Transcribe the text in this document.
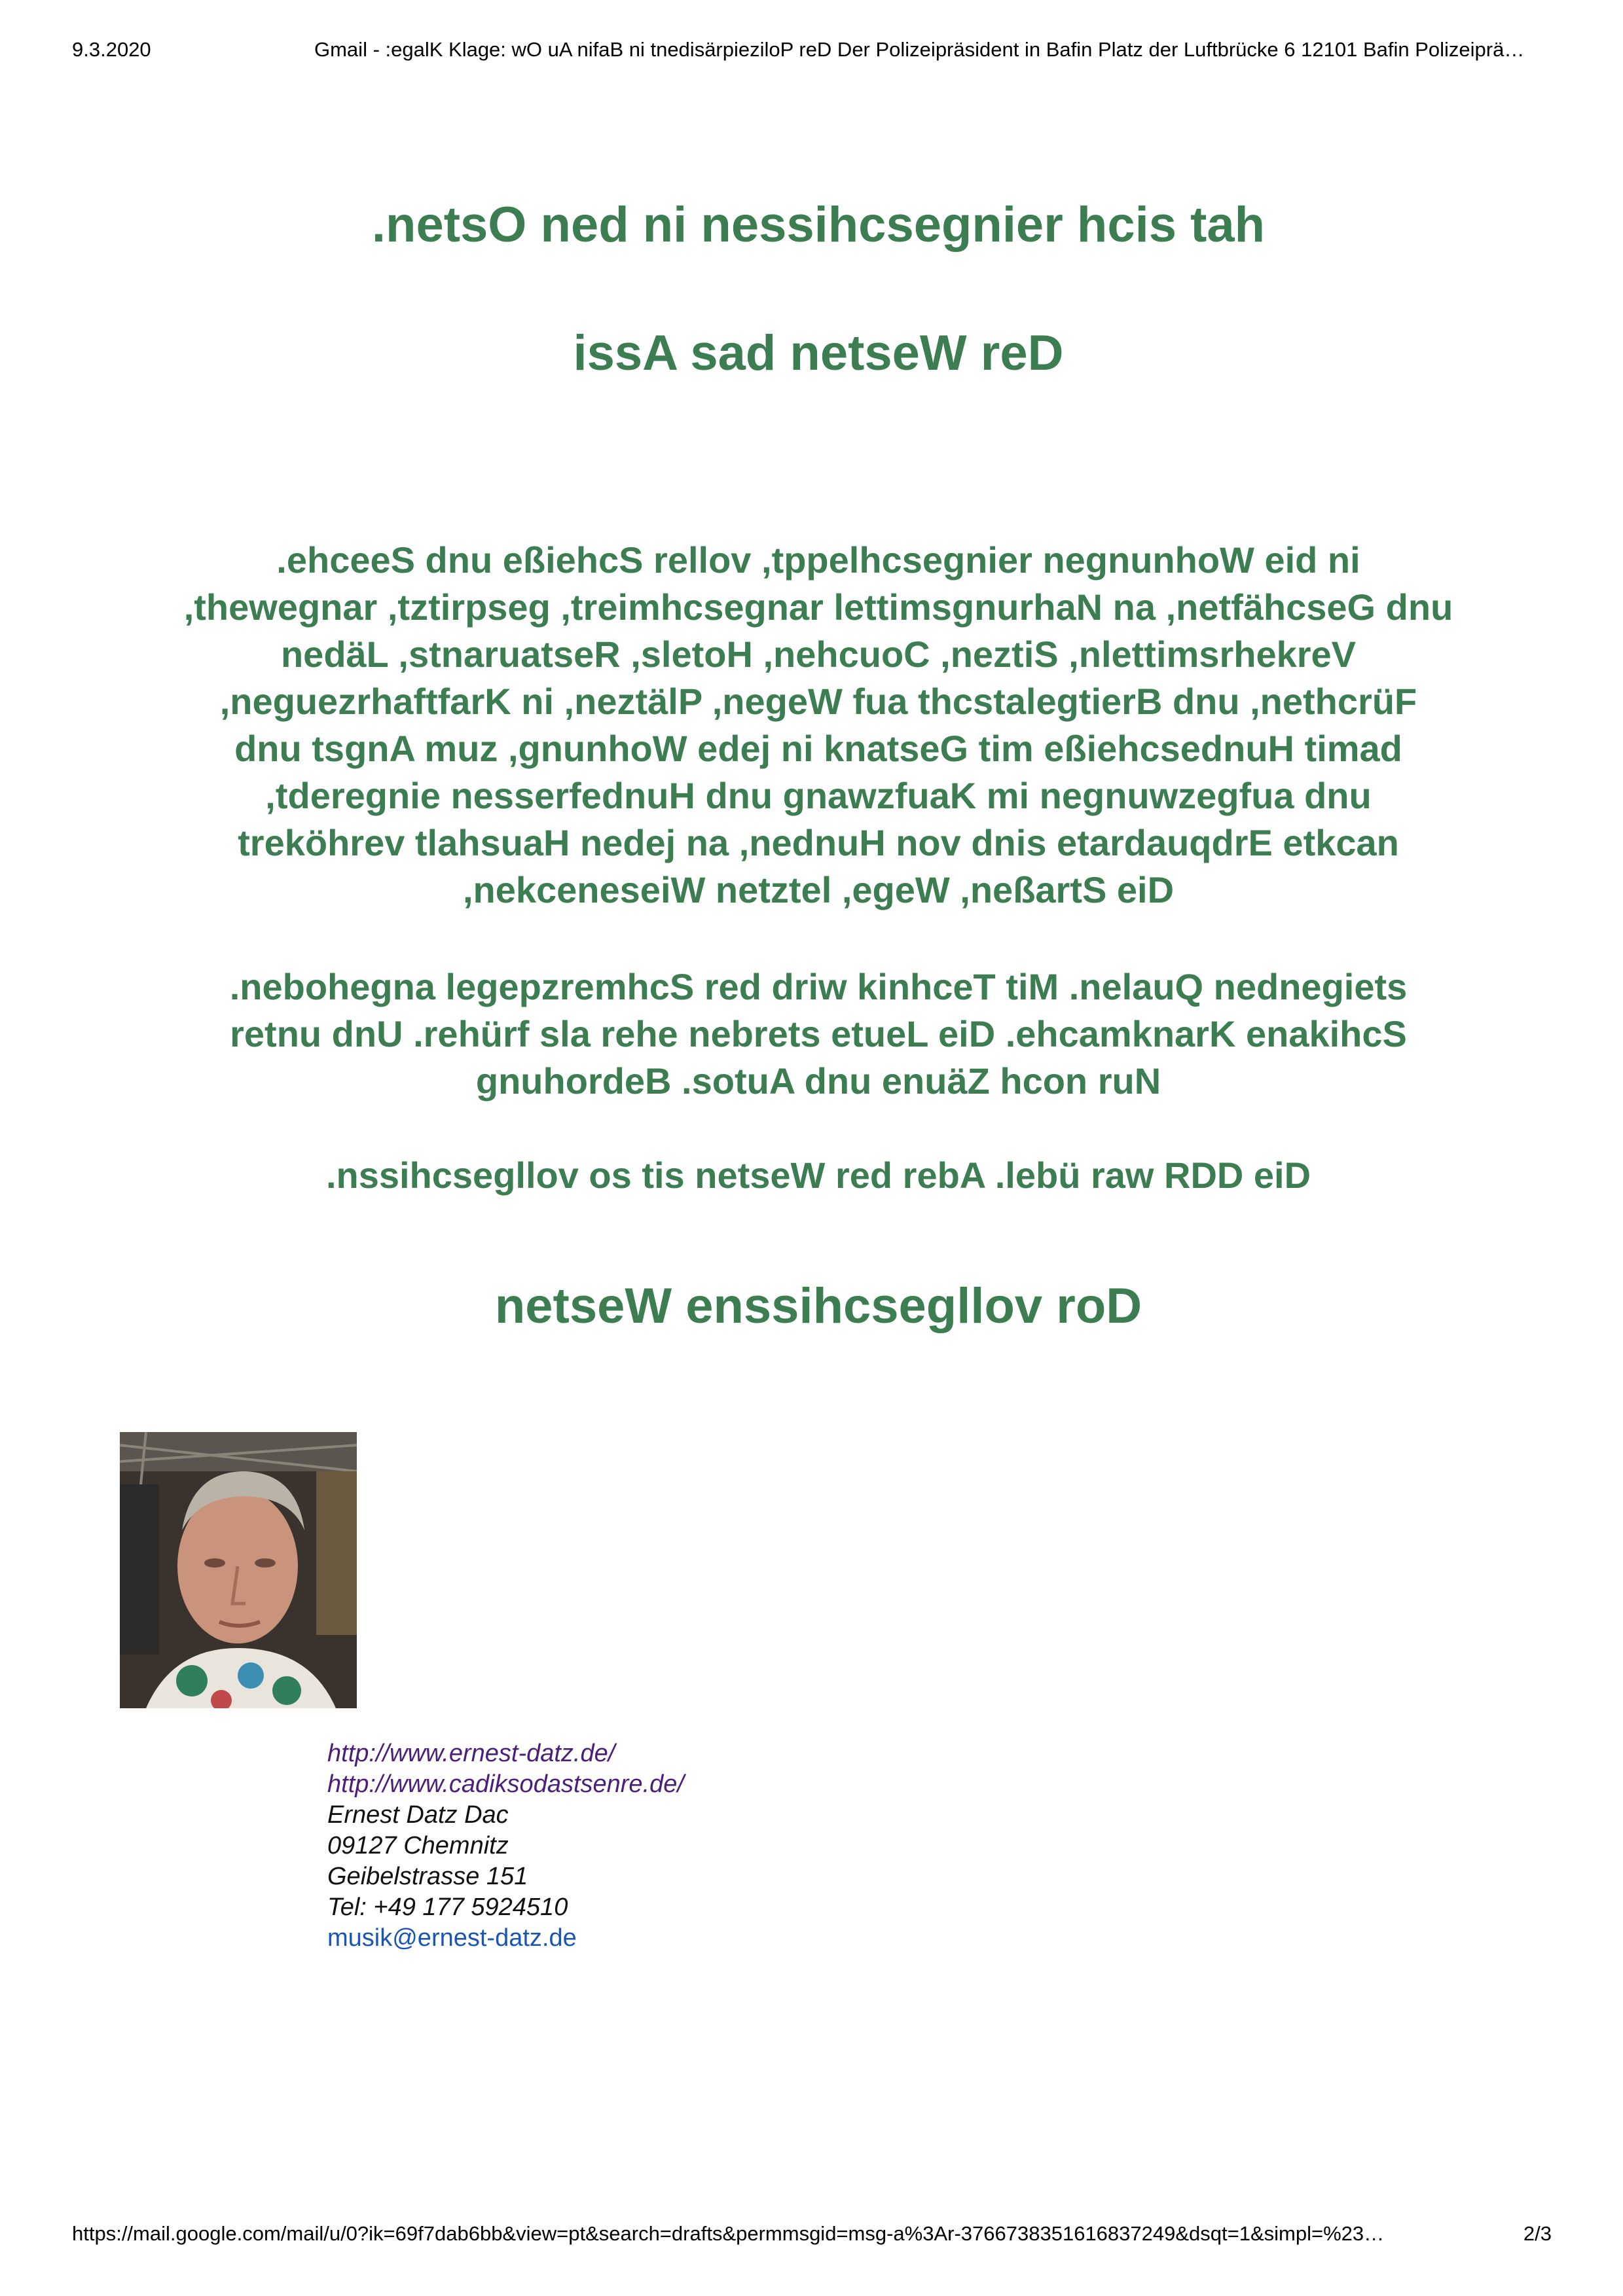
9.3.2020	Gmail - :egalK Klage: wO uA nifaB ni tnedisärpieziloP reD Der Polizeipräsident in Bafin Platz der Luftbrücke 6 12101 Bafin Polizeiprä…
.netsO ned ni nessihcsegnier hcis tah
issA sad netseW reD
.ehceeS dnu eßiehcS rellov ,tppelhcsegnier negnunhoW eid ni
,thewegnar ,tztirpseg ,treimhcsegnar lettimsgnurhaN na ,netfähcseG dnu
nedäL ,stnaruatseR ,sletoH ,nehcuoC ,neztiS ,nlettimsrhekreV
,neguezrhaftfarK ni ,neztälP ,negeW fua thcstalegtierB dnu ,nethcrüF
dnu tsgnA muz ,gnunhoW edej ni knatseG tim eßiehcsednuH timad
,tderegnie nesserfednuH dnu gnawzfuaK mi negnuwzegfua dnu
treköhrev tlahsuaH nedej na ,nednuH nov dnis etardauqdrE etkcan
,nekceneseiW netztel ,egeW ,neßartS eiD
.nebohegna legepzremhcS red driw kinhceT tiM .nelauQ nednegiets
retnu dnU .rehürf sla rehe nebrets etueL eiD .ehcamknarK enakihcS
gnuhordeB .sotuA dnu enuäZ hcon ruN
.nssihcsegllov os tis netseW red rebA .lebü raw RDD eiD
netseW enssihcsegllov roD
http://www.ernest-datz.de/
http://www.cadiksodastsenre.de/
Ernest Datz Dac
09127 Chemnitz
Geibelstrasse 151
Tel: +49 177 5924510
musik@ernest-datz.de
https://mail.google.com/mail/u/0?ik=69f7dab6bb&view=pt&search=drafts&permmsgid=msg-a%3Ar-3766738351616837249&dsqt=1&simpl=%23…	2/3
